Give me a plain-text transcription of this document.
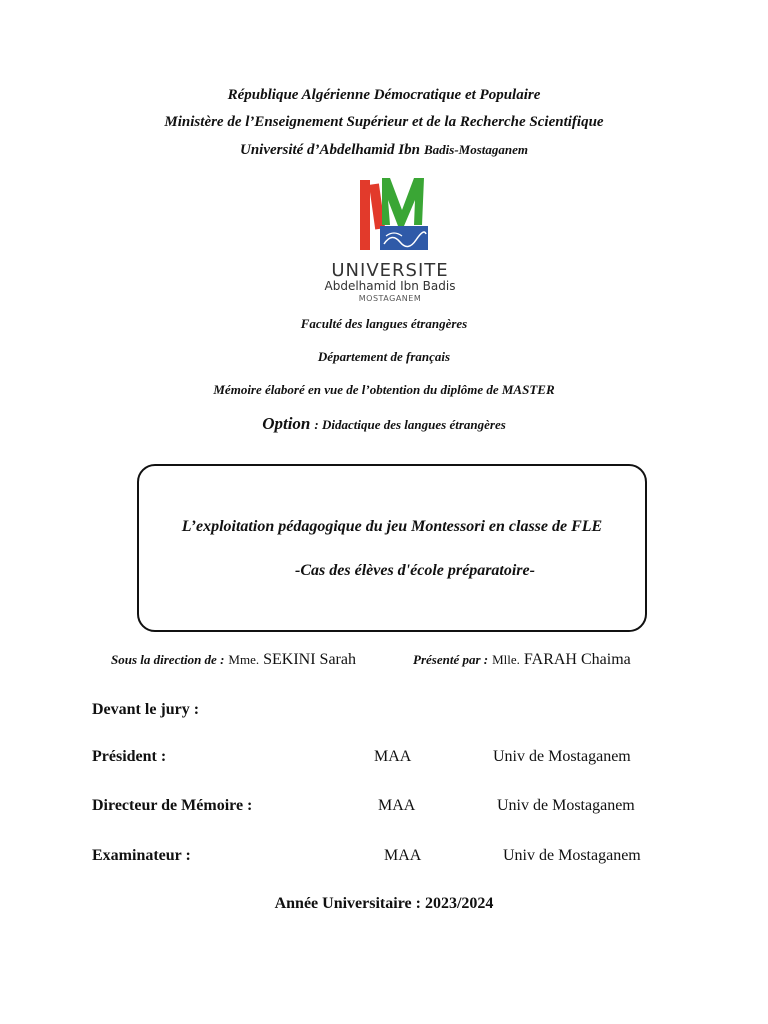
République Algérienne Démocratique et Populaire
Ministère de l’Enseignement Supérieur et de la Recherche Scientifique
Université d’Abdelhamid Ibn Badis-Mostaganem
UNIVERSITE
Abdelhamid Ibn Badis
MOSTAGANEM
Faculté des langues étrangères
Département de français
Mémoire élaboré en vue de l’obtention du diplôme de MASTER
Option : Didactique des langues étrangères
L’exploitation pédagogique du jeu Montessori en classe de FLE
-Cas des élèves d'école préparatoire-
Sous la direction de : Mme. SEKINI Sarah	Présenté par : Mlle. FARAH Chaima
Devant le jury :
Président :	MAA	Univ de Mostaganem
Directeur de Mémoire :	MAA	Univ de Mostaganem
Examinateur :	MAA	Univ de Mostaganem
Année Universitaire : 2023/2024
